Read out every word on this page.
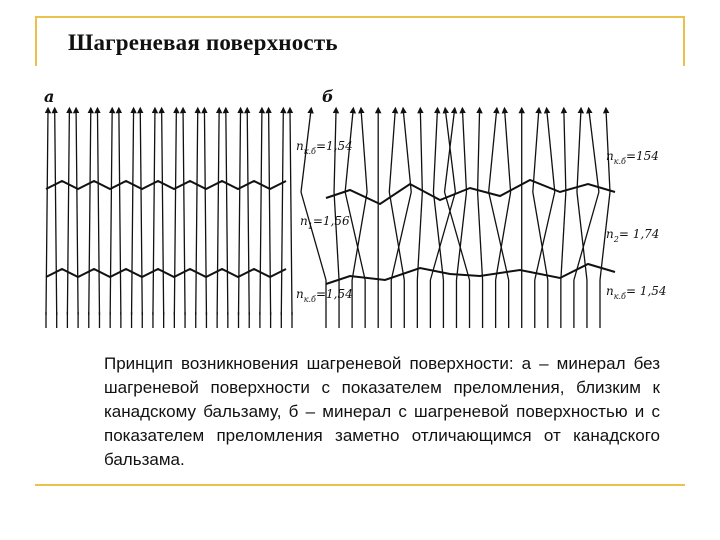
Шагреневая поверхность
а	б
$n_{к.б}=1,54$
$n_1=1,56$
$n_{к.б}=1,54$
$n_{к.б}=154$
$n_2= 1,74$
$n_{к.б}= 1,54$
Принцип возникновения шагреневой поверхности: а – минерал без шагреневой поверхности с показателем преломления, близким к канадскому бальзаму, б – минерал с шагреневой поверхностью и с показателем преломления заметно отличающимся от канадского бальзама.
